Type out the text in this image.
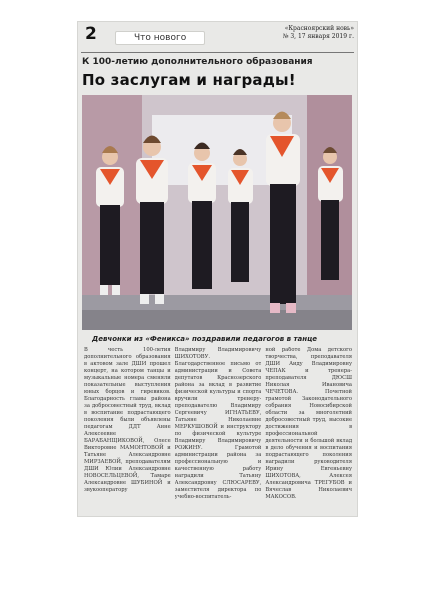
2	Что нового
«Красноярский новь»
№ 3, 17 января 2019 г.
К 100-летию дополнительного образования
По заслугам и награды!
Девчонки из «Феникса» поздравили педагогов в танце
В честь 100-летия дополнительного образования в актовом зале ДШИ прошел концерт, на котором танцы и музыкальные номера сменяли показательные выступления юных борцов и гиревиков. Благодарность главы района за добросовестный труд, вклад в воспитание подрастающего поколения были объявлены педагогам ДДТ Анне Алексеевне БАРАБАНЩИКОВОЙ, Олесе Викторовне МАМОНТОВОЙ и Татьяне Александровне МИРЗАЕВОЙ, преподавателям ДШИ Юлии Александровне НОВОСЕЛЬЦЕВОЙ, Тамаре Александровне ШУБИНОЙ и звукооператору
Владимиру Владимировичу ШИХОТОВУ. Благодарственное письмо от администрации и Совета депутатов Краснозерского района за вклад в развитие физической культуры и спорта вручили тренеру-преподавателю Владимиру Сергеевичу ИГНАТЬЕВУ, Татьяне Николаевне МЕРКУШОВОЙ и инструктору по физической культуре Владимиру Владимировичу РОЖИНУ. Грамотой администрации района за профессиональную и качественную работу наградили Татьяну Александровну СЛЮСАРЕВУ, заместителя директора по учебно-воспитатель-
ной работе Дома детского творчества, преподавателя ДШИ Аиду Владимировну ЧЕПАК и тренера-преподавателя ДЮСШ Николая Ивановича ЧЕЧЕТОВА. Почетной грамотой Законодательного собрания Новосибирской области за многолетний добросовестный труд, высокие достижения в профессиональной деятельности и большой вклад в дело обучения и воспитания подрастающего поколения наградили руководителя Ирину Евгеньевну ШИХОТОВА, Алексея Александровича ТРЕГУБОВ и Вячеслав Николаевич МАКОСОВ.
